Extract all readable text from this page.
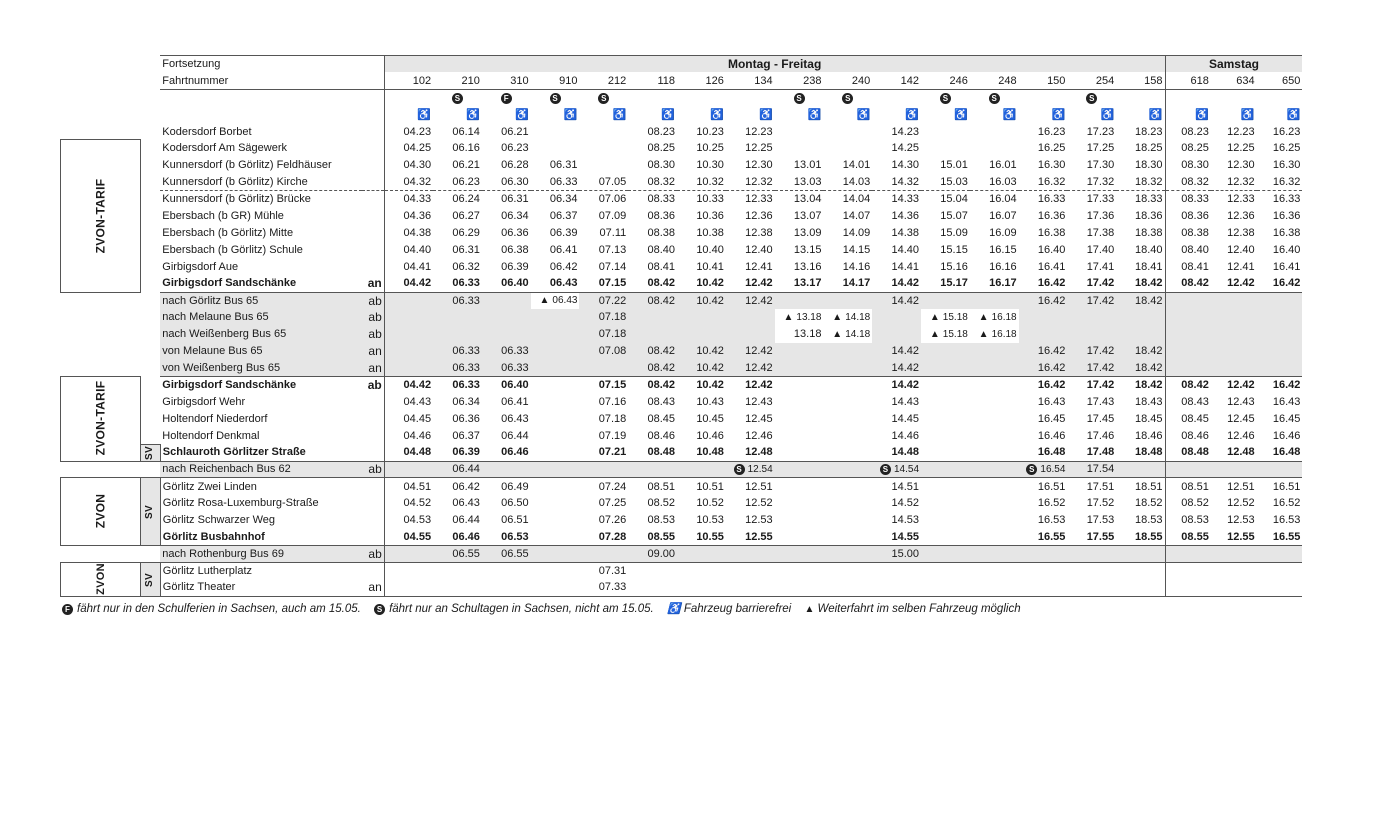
		Fortsetzung		Montag - Freitag																Samstag		
		Fahrtnummer		102	210	310	910	212	118	126	134	238	240	142	246	248	150	254	158	618	634	650
					S	F	S	S				S	S		S	S		S				
				♿	♿	♿	♿	♿	♿	♿	♿	♿	♿	♿	♿	♿	♿	♿	♿	♿	♿	♿
		Kodersdorf Borbet		04.23	06.14	06.21			08.23	10.23	12.23			14.23			16.23	17.23	18.23	08.23	12.23	16.23
ZVON-TARIF		Kodersdorf Am Sägewerk		04.25	06.16	06.23			08.25	10.25	12.25			14.25			16.25	17.25	18.25	08.25	12.25	16.25
		Kunnersdorf (b Görlitz) Feldhäuser		04.30	06.21	06.28	06.31		08.30	10.30	12.30	13.01	14.01	14.30	15.01	16.01	16.30	17.30	18.30	08.30	12.30	16.30
		Kunnersdorf (b Görlitz) Kirche		04.32	06.23	06.30	06.33	07.05	08.32	10.32	12.32	13.03	14.03	14.32	15.03	16.03	16.32	17.32	18.32	08.32	12.32	16.32
		Kunnersdorf (b Görlitz) Brücke		04.33	06.24	06.31	06.34	07.06	08.33	10.33	12.33	13.04	14.04	14.33	15.04	16.04	16.33	17.33	18.33	08.33	12.33	16.33
		Ebersbach (b GR) Mühle		04.36	06.27	06.34	06.37	07.09	08.36	10.36	12.36	13.07	14.07	14.36	15.07	16.07	16.36	17.36	18.36	08.36	12.36	16.36
		Ebersbach (b Görlitz) Mitte		04.38	06.29	06.36	06.39	07.11	08.38	10.38	12.38	13.09	14.09	14.38	15.09	16.09	16.38	17.38	18.38	08.38	12.38	16.38
		Ebersbach (b Görlitz) Schule		04.40	06.31	06.38	06.41	07.13	08.40	10.40	12.40	13.15	14.15	14.40	15.15	16.15	16.40	17.40	18.40	08.40	12.40	16.40
		Girbigsdorf Aue		04.41	06.32	06.39	06.42	07.14	08.41	10.41	12.41	13.16	14.16	14.41	15.16	16.16	16.41	17.41	18.41	08.41	12.41	16.41
		Girbigsdorf Sandschänke	an	04.42	06.33	06.40	06.43	07.15	08.42	10.42	12.42	13.17	14.17	14.42	15.17	16.17	16.42	17.42	18.42	08.42	12.42	16.42
		nach Görlitz Bus 65	ab		06.33		▲ 06.43	07.22	08.42	10.42	12.42			14.42			16.42	17.42	18.42			
		nach Melaune Bus 65	ab					07.18				▲ 13.18	▲ 14.18		▲ 15.18	▲ 16.18						
		nach Weißenberg Bus 65	ab					07.18				13.18	▲ 14.18		▲ 15.18	▲ 16.18						
		von Melaune Bus 65	an		06.33	06.33		07.08	08.42	10.42	12.42			14.42			16.42	17.42	18.42			
		von Weißenberg Bus 65	an		06.33	06.33			08.42	10.42	12.42			14.42			16.42	17.42	18.42			
ZVON-TARIF		Girbigsdorf Sandschänke	ab	04.42	06.33	06.40		07.15	08.42	10.42	12.42			14.42			16.42	17.42	18.42	08.42	12.42	16.42
		Girbigsdorf Wehr		04.43	06.34	06.41		07.16	08.43	10.43	12.43			14.43			16.43	17.43	18.43	08.43	12.43	16.43
		Holtendorf Niederdorf		04.45	06.36	06.43		07.18	08.45	10.45	12.45			14.45			16.45	17.45	18.45	08.45	12.45	16.45
		Holtendorf Denkmal		04.46	06.37	06.44		07.19	08.46	10.46	12.46			14.46			16.46	17.46	18.46	08.46	12.46	16.46
	SV	Schlauroth Görlitzer Straße		04.48	06.39	06.46		07.21	08.48	10.48	12.48			14.48			16.48	17.48	18.48	08.48	12.48	16.48
		nach Reichenbach Bus 62	ab		06.44						S 12.54			S 14.54			S 16.54	17.54				
ZVON	SV	Görlitz Zwei Linden		04.51	06.42	06.49		07.24	08.51	10.51	12.51			14.51			16.51	17.51	18.51	08.51	12.51	16.51
		Görlitz Rosa-Luxemburg-Straße		04.52	06.43	06.50		07.25	08.52	10.52	12.52			14.52			16.52	17.52	18.52	08.52	12.52	16.52
		Görlitz Schwarzer Weg		04.53	06.44	06.51		07.26	08.53	10.53	12.53			14.53			16.53	17.53	18.53	08.53	12.53	16.53
		Görlitz Busbahnhof		04.55	06.46	06.53		07.28	08.55	10.55	12.55			14.55			16.55	17.55	18.55	08.55	12.55	16.55
		nach Rothenburg Bus 69	ab		06.55	06.55			09.00					15.00								
ZVON	SV	Görlitz Lutherplatz						07.31														
		Görlitz Theater	an					07.33														
F fährt nur in den Schulferien in Sachsen, auch am 15.05. S fährt nur an Schultagen in Sachsen, nicht am 15.05. ♿ Fahrzeug barrierefrei ▲ Weiterfahrt im selben Fahrzeug möglich
